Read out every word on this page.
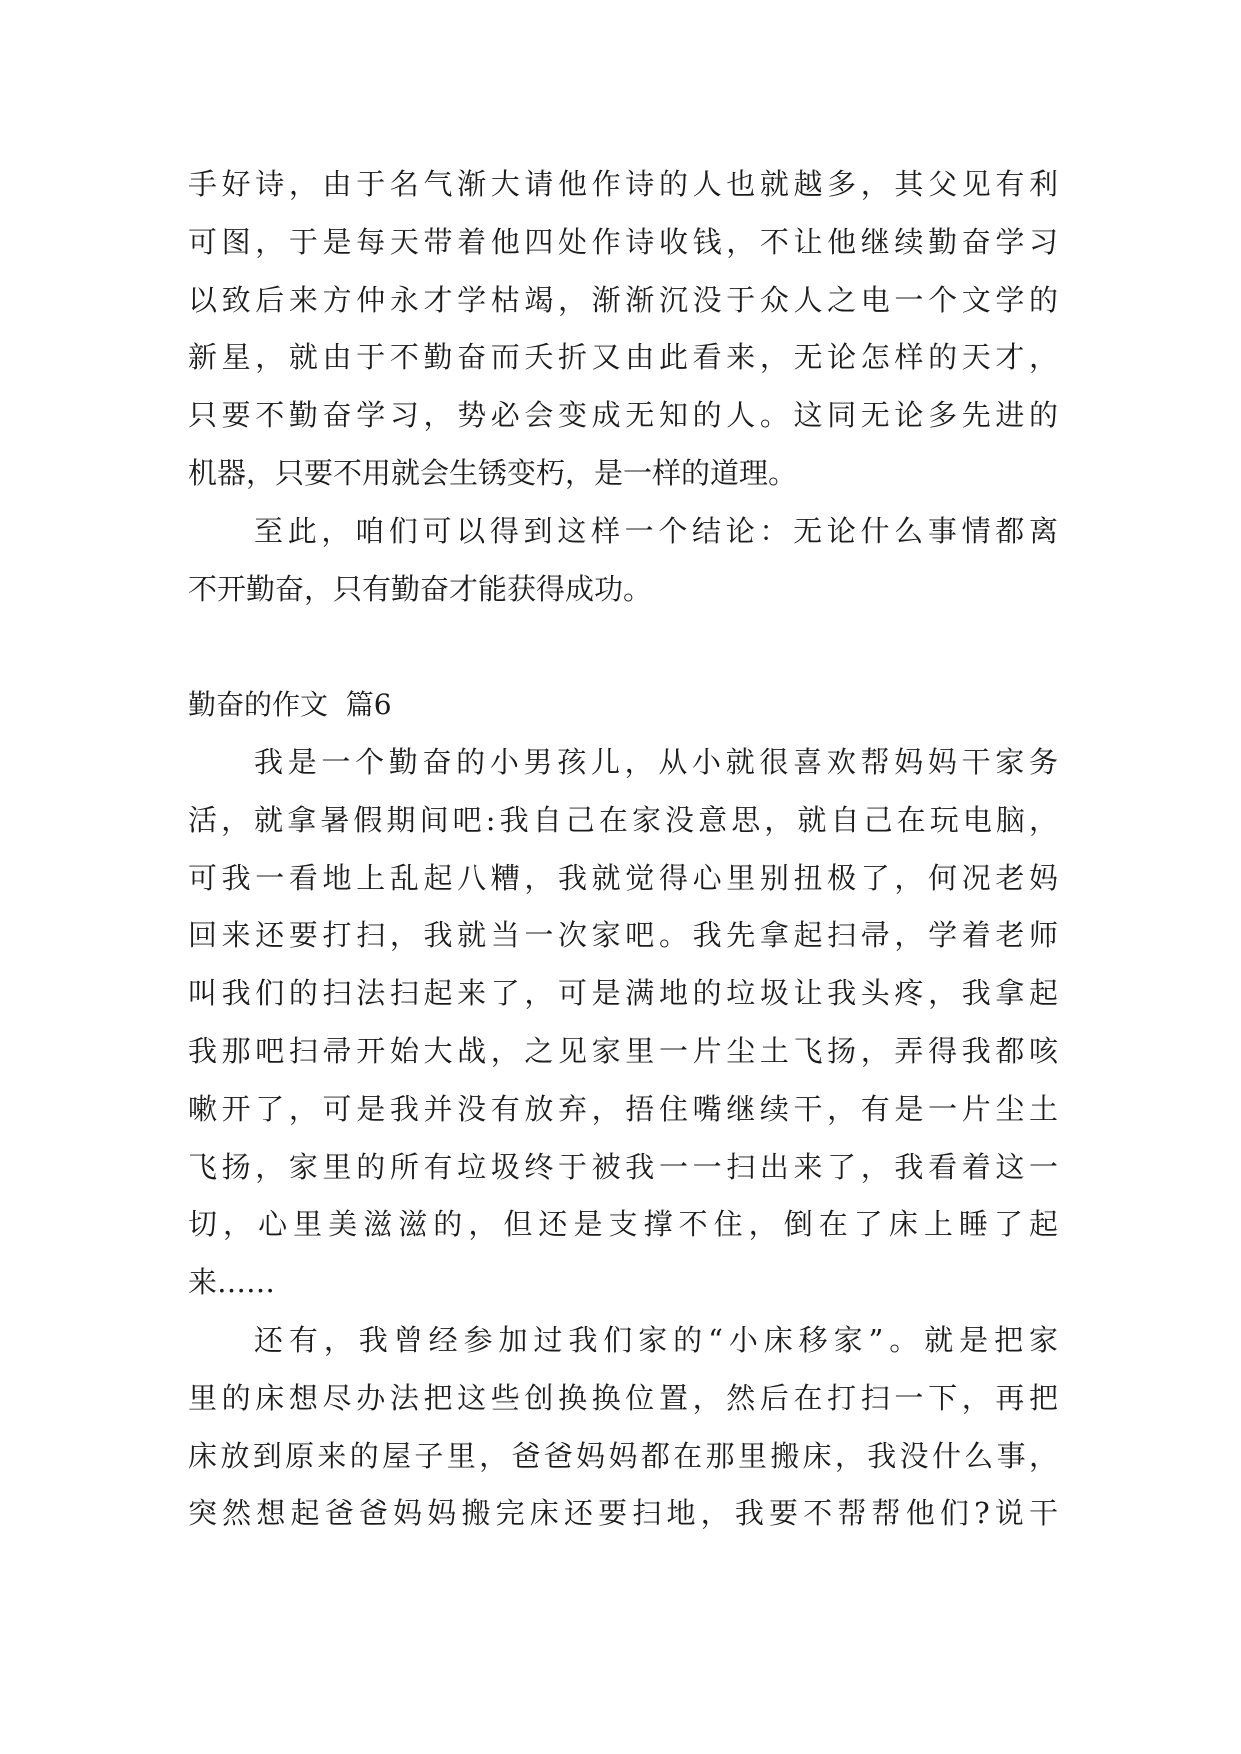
手好诗，由于名气渐大请他作诗的人也就越多，其父见有利
可图，于是每天带着他四处作诗收钱，不让他继续勤奋学习
以致后来方仲永才学枯竭，渐渐沉没于众人之电一个文学的
新星，就由于不勤奋而夭折又由此看来，无论怎样的天才，
只要不勤奋学习，势必会变成无知的人。这同无论多先进的
机器，只要不用就会生锈变朽，是一样的道理。
至此，咱们可以得到这样一个结论：无论什么事情都离
不开勤奋，只有勤奋才能获得成功。
勤奋的作文  篇6
我是一个勤奋的小男孩儿，从小就很喜欢帮妈妈干家务
活，就拿暑假期间吧:我自己在家没意思，就自己在玩电脑，
可我一看地上乱起八糟，我就觉得心里别扭极了，何况老妈
回来还要打扫，我就当一次家吧。我先拿起扫帚，学着老师
叫我们的扫法扫起来了，可是满地的垃圾让我头疼，我拿起
我那吧扫帚开始大战，之见家里一片尘土飞扬，弄得我都咳
嗽开了，可是我并没有放弃，捂住嘴继续干，有是一片尘土
飞扬，家里的所有垃圾终于被我一一扫出来了，我看着这一
切，心里美滋滋的，但还是支撑不住，倒在了床上睡了起
来……
还有，我曾经参加过我们家的“小床移家”。就是把家
里的床想尽办法把这些创换换位置，然后在打扫一下，再把
床放到原来的屋子里，爸爸妈妈都在那里搬床，我没什么事，
突然想起爸爸妈妈搬完床还要扫地，我要不帮帮他们?说干
